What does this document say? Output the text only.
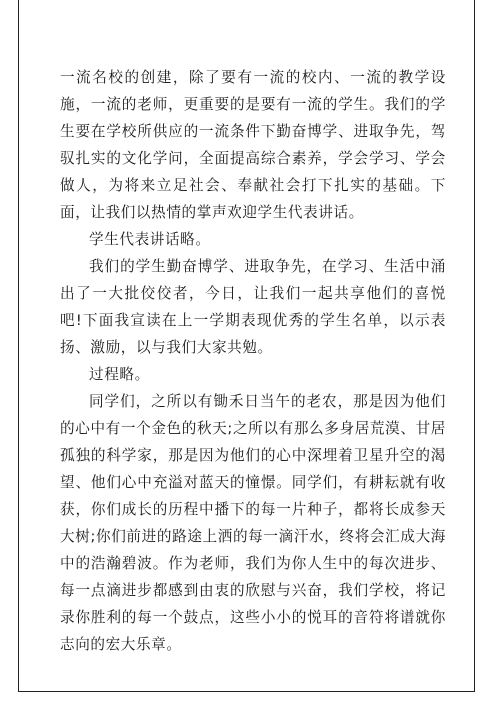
一流名校的创建，除了要有一流的校内、一流的教学设施，一流的老师，更重要的是要有一流的学生。我们的学生要在学校所供应的一流条件下勤奋博学、进取争先，驾驭扎实的文化学问，全面提高综合素养，学会学习、学会做人，为将来立足社会、奉献社会打下扎实的基础。下面，让我们以热情的掌声欢迎学生代表讲话。

学生代表讲话略。

我们的学生勤奋博学、进取争先，在学习、生活中涌出了一大批佼佼者，今日，让我们一起共享他们的喜悦吧!下面我宣读在上一学期表现优秀的学生名单，以示表扬、激励，以与我们大家共勉。

过程略。

同学们，之所以有锄禾日当午的老农，那是因为他们的心中有一个金色的秋天;之所以有那么多身居荒漠、甘居孤独的科学家，那是因为他们的心中深埋着卫星升空的渴望、他们心中充溢对蓝天的憧憬。同学们，有耕耘就有收获，你们成长的历程中播下的每一片种子，都将长成参天大树;你们前进的路途上洒的每一滴汗水，终将会汇成大海中的浩瀚碧波。作为老师，我们为你人生中的每次进步、每一点滴进步都感到由衷的欣慰与兴奋，我们学校，将记录你胜利的每一个鼓点，这些小小的悦耳的音符将谱就你志向的宏大乐章。
